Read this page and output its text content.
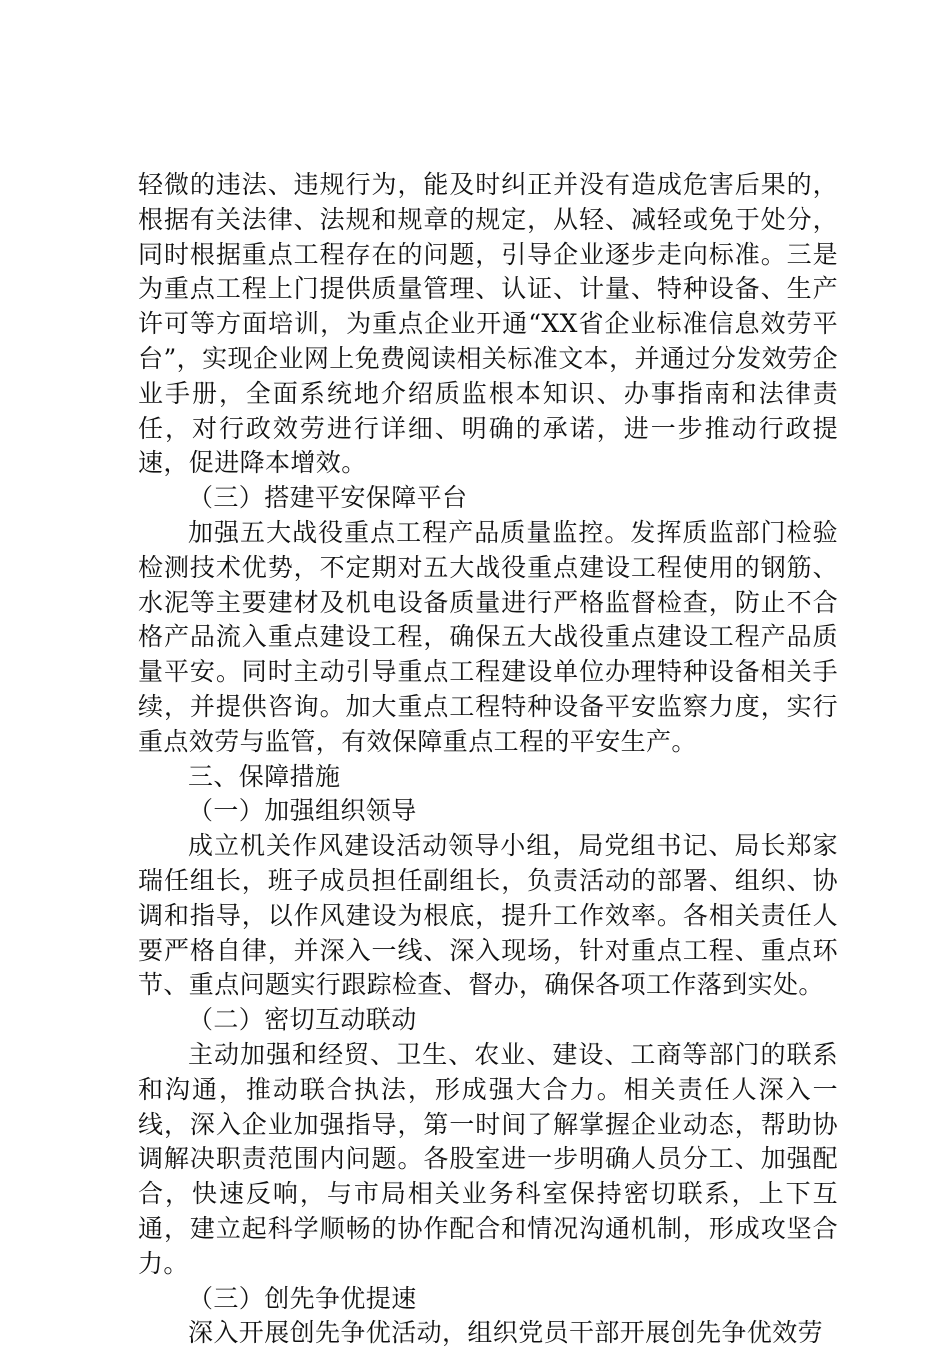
轻微的违法、违规行为，能及时纠正并没有造成危害后果的，根据有关法律、法规和规章的规定，从轻、减轻或免于处分，同时根据重点工程存在的问题，引导企业逐步走向标准。三是为重点工程上门提供质量管理、认证、计量、特种设备、生产许可等方面培训，为重点企业开通“XX省企业标准信息效劳平台”，实现企业网上免费阅读相关标准文本，并通过分发效劳企业手册，全面系统地介绍质监根本知识、办事指南和法律责任，对行政效劳进行详细、明确的承诺，进一步推动行政提速，促进降本增效。

（三）搭建平安保障平台

加强五大战役重点工程产品质量监控。发挥质监部门检验检测技术优势，不定期对五大战役重点建设工程使用的钢筋、水泥等主要建材及机电设备质量进行严格监督检查，防止不合格产品流入重点建设工程，确保五大战役重点建设工程产品质量平安。同时主动引导重点工程建设单位办理特种设备相关手续，并提供咨询。加大重点工程特种设备平安监察力度，实行重点效劳与监管，有效保障重点工程的平安生产。

三、保障措施

（一）加强组织领导

成立机关作风建设活动领导小组，局党组书记、局长郑家瑞任组长，班子成员担任副组长，负责活动的部署、组织、协调和指导，以作风建设为根底，提升工作效率。各相关责任人要严格自律，并深入一线、深入现场，针对重点工程、重点环节、重点问题实行跟踪检查、督办，确保各项工作落到实处。

（二）密切互动联动

主动加强和经贸、卫生、农业、建设、工商等部门的联系和沟通，推动联合执法，形成强大合力。相关责任人深入一线，深入企业加强指导，第一时间了解掌握企业动态，帮助协调解决职责范围内问题。各股室进一步明确人员分工、加强配合，快速反响，与市局相关业务科室保持密切联系，上下互通，建立起科学顺畅的协作配合和情况沟通机制，形成攻坚合力。

（三）创先争优提速

深入开展创先争优活动，组织党员干部开展创先争优效劳
